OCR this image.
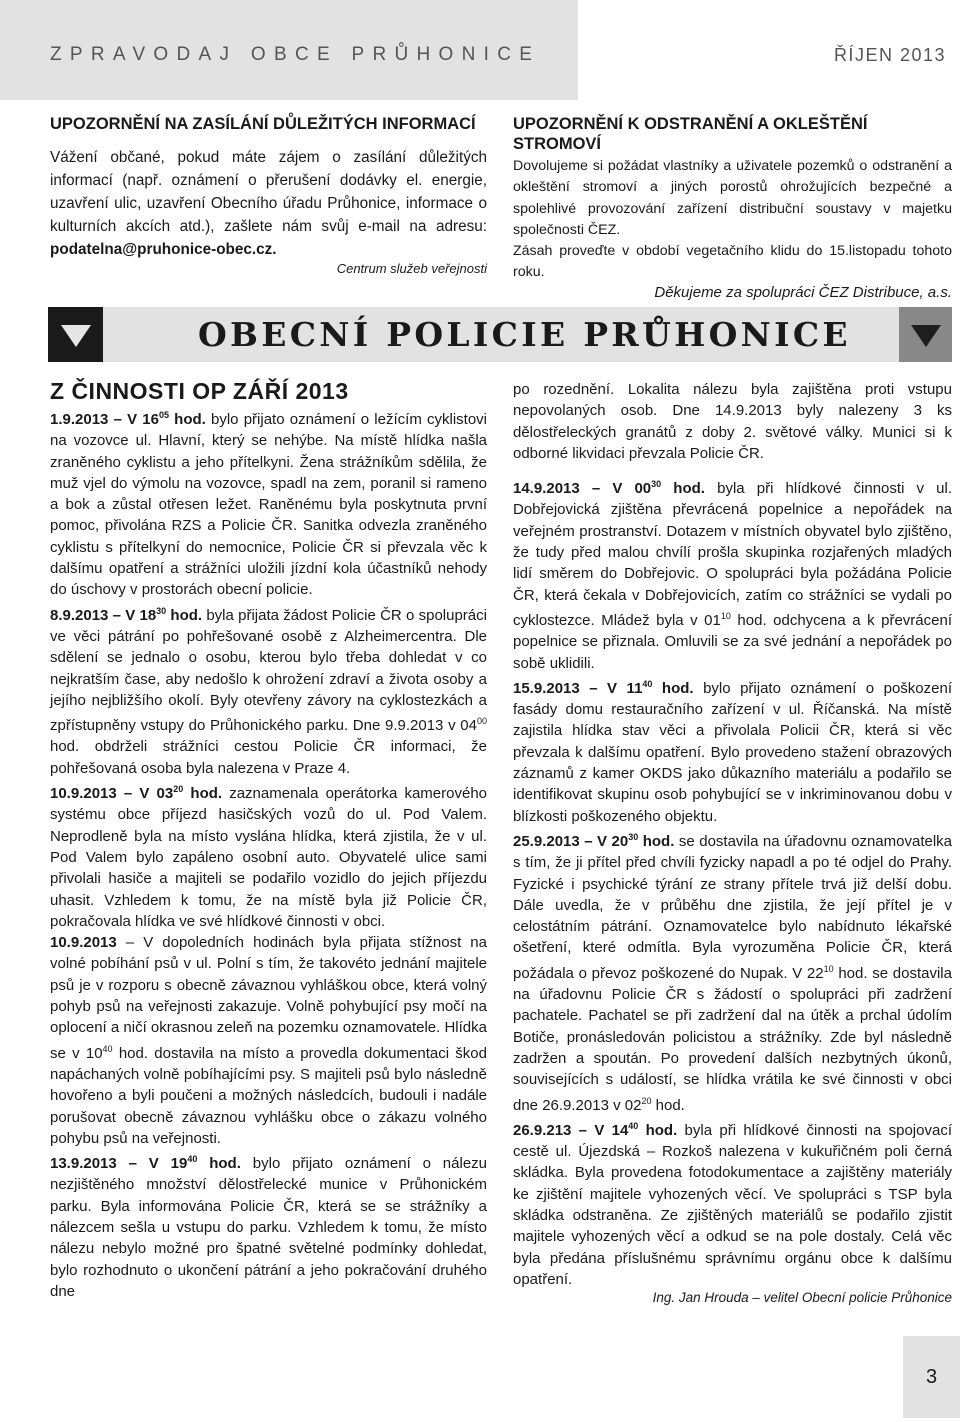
ZPRAVODAJ OBCE PRŮHONICE	ŘÍJEN 2013

UPOZORNĚNÍ NA ZASÍLÁNÍ DŮLEŽITÝCH INFORMACÍ

Vážení občané, pokud máte zájem o zasílání důležitých informací (např. oznámení o přerušení dodávky el. energie, uzavření ulic, uzavření Obecního úřadu Průhonice, informace o kulturních akcích atd.), zašlete nám svůj e-mail na adresu: podatelna@pruhonice-obec.cz.

Centrum služeb veřejnosti

UPOZORNĚNÍ K ODSTRANĚNÍ A OKLEŠTĚNÍ STROMOVÍ

Dovolujeme si požádat vlastníky a uživatele pozemků o odstranění a okleštění stromoví a jiných porostů ohrožujících bezpečné a spolehlivé provozování zařízení distribuční soustavy v majetku společnosti ČEZ.

Zásah proveďte v období vegetačního klidu do 15.listopadu tohoto roku.

Děkujeme za spolupráci ČEZ Distribuce, a.s.

OBECNÍ POLICIE PRŮHONICE

Z ČINNOSTI OP ZÁŘÍ 2013

1.9.2013 – V $16^{05}$ hod. bylo přijato oznámení o ležícím cyklistovi na vozovce ul. Hlavní, který se nehýbe. Na místě hlídka našla zraněného cyklistu a jeho přítelkyni. Žena strážníkům sdělila, že muž vjel do výmolu na vozovce, spadl na zem, poranil si rameno a bok a zůstal otřesen ležet. Raněnému byla poskytnuta první pomoc, přivolána RZS a Policie ČR. Sanitka odvezla zraněného cyklistu s přítelkyní do nemocnice, Policie ČR si převzala věc k dalšímu opatření a strážníci uložili jízdní kola účastníků nehody do úschovy v prostorách obecní policie.

8.9.2013 – V $18^{30}$ hod. byla přijata žádost Policie ČR o spolupráci ve věci pátrání po pohřešované osobě z Alzheimercentra. Dle sdělení se jednalo o osobu, kterou bylo třeba dohledat v co nejkratším čase, aby nedošlo k ohrožení zdraví a života osoby a jejího nejbližšího okolí. Byly otevřeny závory na cyklostezkách a zpřístupněny vstupy do Průhonického parku. Dne 9.9.2013 v $04^{00}$ hod. obdrželi strážníci cestou Policie ČR informaci, že pohřešovaná osoba byla nalezena v Praze 4.

10.9.2013 – V $03^{20}$ hod. zaznamenala operátorka kamerového systému obce příjezd hasičských vozů do ul. Pod Valem. Neprodleně byla na místo vyslána hlídka, která zjistila, že v ul. Pod Valem bylo zapáleno osobní auto. Obyvatelé ulice sami přivolali hasiče a majiteli se podařilo vozidlo do jejich příjezdu uhasit. Vzhledem k tomu, že na místě byla již Policie ČR, pokračovala hlídka ve své hlídkové činnosti v obci.

10.9.2013 – V dopoledních hodinách byla přijata stížnost na volné pobíhání psů v ul. Polní s tím, že takovéto jednání majitele psů je v rozporu s obecně závaznou vyhláškou obce, která volný pohyb psů na veřejnosti zakazuje. Volně pohybující psy močí na oplocení a ničí okrasnou zeleň na pozemku oznamovatele. Hlídka se v $10^{40}$ hod. dostavila na místo a provedla dokumentaci škod napáchaných volně pobíhajícími psy. S majiteli psů bylo následně hovořeno a byli poučeni a možných následcích, budouli i nadále porušovat obecně závaznou vyhlášku obce o zákazu volného pohybu psů na veřejnosti.

13.9.2013 – V $19^{40}$ hod. bylo přijato oznámení o nálezu nezjištěného množství dělostřelecké munice v Průhonickém parku. Byla informována Policie ČR, která se se strážníky a nálezcem sešla u vstupu do parku. Vzhledem k tomu, že místo nálezu nebylo možné pro špatné světelné podmínky dohledat, bylo rozhodnuto o ukončení pátrání a jeho pokračování druhého dne

po rozednění. Lokalita nálezu byla zajištěna proti vstupu nepovolaných osob. Dne 14.9.2013 byly nalezeny 3 ks dělostřeleckých granátů z doby 2. světové války. Munici si k odborné likvidaci převzala Policie ČR.

14.9.2013 – V $00^{30}$ hod. byla při hlídkové činnosti v ul. Dobřejovická zjištěna převrácená popelnice a nepořádek na veřejném prostranství. Dotazem v místních obyvatel bylo zjištěno, že tudy před malou chvílí prošla skupinka rozjařených mladých lidí směrem do Dobřejovic. O spolupráci byla požádána Policie ČR, která čekala v Dobřejovicích, zatím co strážníci se vydali po cyklostezce. Mládež byla v $01^{10}$ hod. odchycena a k převrácení popelnice se přiznala. Omluvili se za své jednání a nepořádek po sobě uklidili.

15.9.2013 – V $11^{40}$ hod. bylo přijato oznámení o poškození fasády domu restauračního zařízení v ul. Říčanská. Na místě zajistila hlídka stav věci a přivolala Policii ČR, která si věc převzala k dalšímu opatření. Bylo provedeno stažení obrazových záznamů z kamer OKDS jako důkazního materiálu a podařilo se identifikovat skupinu osob pohybující se v inkriminovanou dobu v blízkosti poškozeného objektu.

25.9.2013 – V $20^{30}$ hod. se dostavila na úřadovnu oznamovatelka s tím, že ji přítel před chvíli fyzicky napadl a po té odjel do Prahy. Fyzické i psychické týrání ze strany přítele trvá již delší dobu. Dále uvedla, že v průběhu dne zjistila, že její přítel je v celostátním pátrání. Oznamovatelce bylo nabídnuto lékařské ošetření, které odmítla. Byla vyrozuměna Policie ČR, která požádala o převoz poškozené do Nupak. V $22^{10}$ hod. se dostavila na úřadovnu Policie ČR s žádostí o spolupráci při zadržení pachatele. Pachatel se při zadržení dal na útěk a prchal údolím Botiče, pronásledován policistou a strážníky. Zde byl následně zadržen a spoután. Po provedení dalších nezbytných úkonů, souvisejících s událostí, se hlídka vrátila ke své činnosti v obci dne 26.9.2013 v $02^{20}$ hod.

26.9.213 – V $14^{40}$ hod. byla při hlídkové činnosti na spojovací cestě ul. Újezdská – Rozkoš nalezena v kukuřičném poli černá skládka. Byla provedena fotodokumentace a zajištěny materiály ke zjištění majitele vyhozených věcí. Ve spolupráci s TSP byla skládka odstraněna. Ze zjištěných materiálů se podařilo zjistit majitele vyhozených věcí a odkud se na pole dostaly. Celá věc byla předána příslušnému správnímu orgánu obce k dalšímu opatření.

Ing. Jan Hrouda – velitel Obecní policie Průhonice

3
